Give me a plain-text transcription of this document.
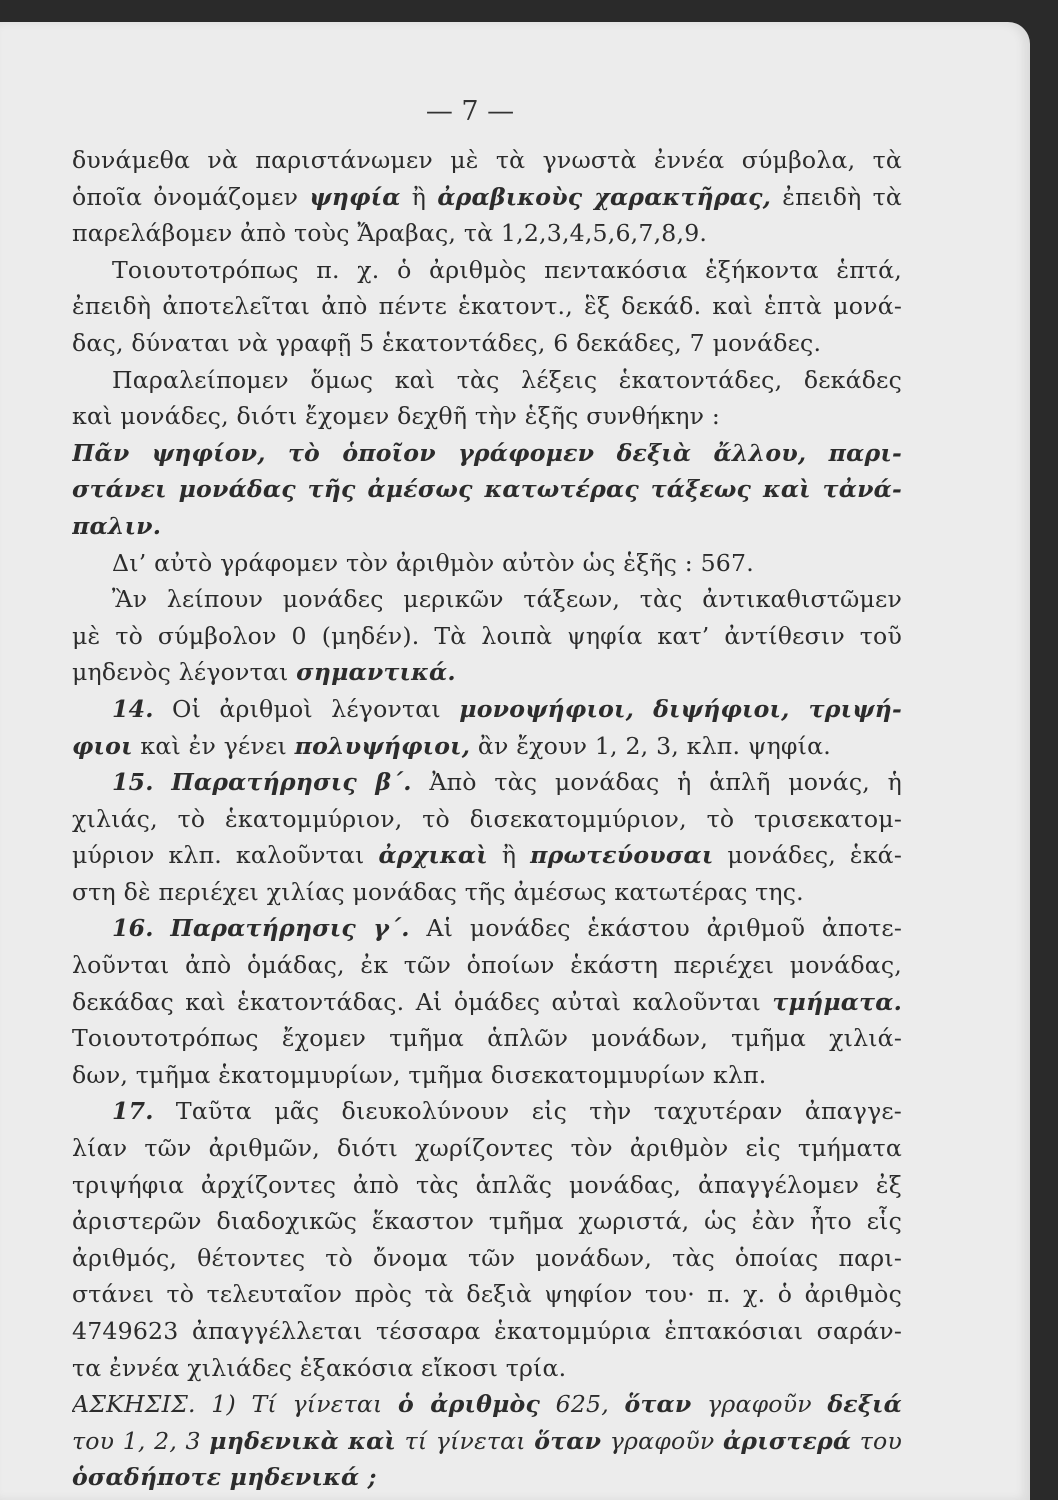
— 7 —
δυνάμεθα νὰ παριστάνωμεν μὲ τὰ γνωστὰ ἐννέα σύμβολα, τὰ
ὁποῖα ὀνομάζομεν ψηφία ἢ ἀραβικοὺς χαρακτῆρας, ἐπειδὴ τὰ
παρελάβομεν ἀπὸ τοὺς Ἄραβας, τὰ 1,2,3,4,5,6,7,8,9.
Τοιουτοτρόπως π. χ. ὁ ἀριθμὸς πεντακόσια ἑξήκοντα ἑπτά,
ἐπειδὴ ἀποτελεῖται ἀπὸ πέντε ἑκατοντ., ἓξ δεκάδ. καὶ ἑπτὰ μονά-
δας, δύναται νὰ γραφῇ 5 ἑκατοντάδες, 6 δεκάδες, 7 μονάδες.
Παραλείπομεν ὅμως καὶ τὰς λέξεις ἑκατοντάδες, δεκάδες
καὶ μονάδες, διότι ἔχομεν δεχθῆ τὴν ἑξῆς συνθήκην :
Πᾶν ψηφίον, τὸ ὁποῖον γράφομεν δεξιὰ ἄλλου, παρι-
στάνει μονάδας τῆς ἀμέσως κατωτέρας τάξεως καὶ τἀνά-
παλιν.
Δι’ αὐτὸ γράφομεν τὸν ἀριθμὸν αὐτὸν ὡς ἑξῆς : 567.
Ἂν λείπουν μονάδες μερικῶν τάξεων, τὰς ἀντικαθιστῶμεν
μὲ τὸ σύμβολον 0 (μηδέν). Τὰ λοιπὰ ψηφία κατ’ ἀντίθεσιν τοῦ
μηδενὸς λέγονται σημαντικά.
14. Οἱ ἀριθμοὶ λέγονται μονοψήφιοι, διψήφιοι, τριψή-
φιοι καὶ ἐν γένει πολυψήφιοι, ἂν ἔχουν 1, 2, 3, κλπ. ψηφία.
15. Παρατήρησις β΄. Ἀπὸ τὰς μονάδας ἡ ἁπλῆ μονάς, ἡ
χιλιάς, τὸ ἑκατομμύριον, τὸ δισεκατομμύριον, τὸ τρισεκατομ-
μύριον κλπ. καλοῦνται ἀρχικαὶ ἢ πρωτεύουσαι μονάδες, ἑκά-
στη δὲ περιέχει χιλίας μονάδας τῆς ἀμέσως κατωτέρας της.
16. Παρατήρησις γ΄. Αἱ μονάδες ἑκάστου ἀριθμοῦ ἀποτε-
λοῦνται ἀπὸ ὁμάδας, ἐκ τῶν ὁποίων ἑκάστη περιέχει μονάδας,
δεκάδας καὶ ἑκατοντάδας. Αἱ ὁμάδες αὐταὶ καλοῦνται τμήματα.
Τοιουτοτρόπως ἔχομεν τμῆμα ἁπλῶν μονάδων, τμῆμα χιλιά-
δων, τμῆμα ἑκατομμυρίων, τμῆμα δισεκατομμυρίων κλπ.
17. Ταῦτα μᾶς διευκολύνουν εἰς τὴν ταχυτέραν ἀπαγγε-
λίαν τῶν ἀριθμῶν, διότι χωρίζοντες τὸν ἀριθμὸν εἰς τμήματα
τριψήφια ἀρχίζοντες ἀπὸ τὰς ἁπλᾶς μονάδας, ἀπαγγέλομεν ἐξ
ἀριστερῶν διαδοχικῶς ἕκαστον τμῆμα χωριστά, ὡς ἐὰν ἦτο εἷς
ἀριθμός, θέτοντες τὸ ὄνομα τῶν μονάδων, τὰς ὁποίας παρι-
στάνει τὸ τελευταῖον πρὸς τὰ δεξιὰ ψηφίον του· π. χ. ὁ ἀριθμὸς
4749623 ἀπαγγέλλεται τέσσαρα ἑκατομμύρια ἑπτακόσιαι σαράν-
τα ἐννέα χιλιάδες ἑξακόσια εἴκοσι τρία.
ΑΣΚΗΣΙΣ. 1) Τί γίνεται ὁ ἀριθμὸς 625, ὅταν γραφοῦν δεξιά
του 1, 2, 3 μηδενικὰ καὶ τί γίνεται ὅταν γραφοῦν ἀριστερά του
ὁσαδήποτε μηδενικά ;
